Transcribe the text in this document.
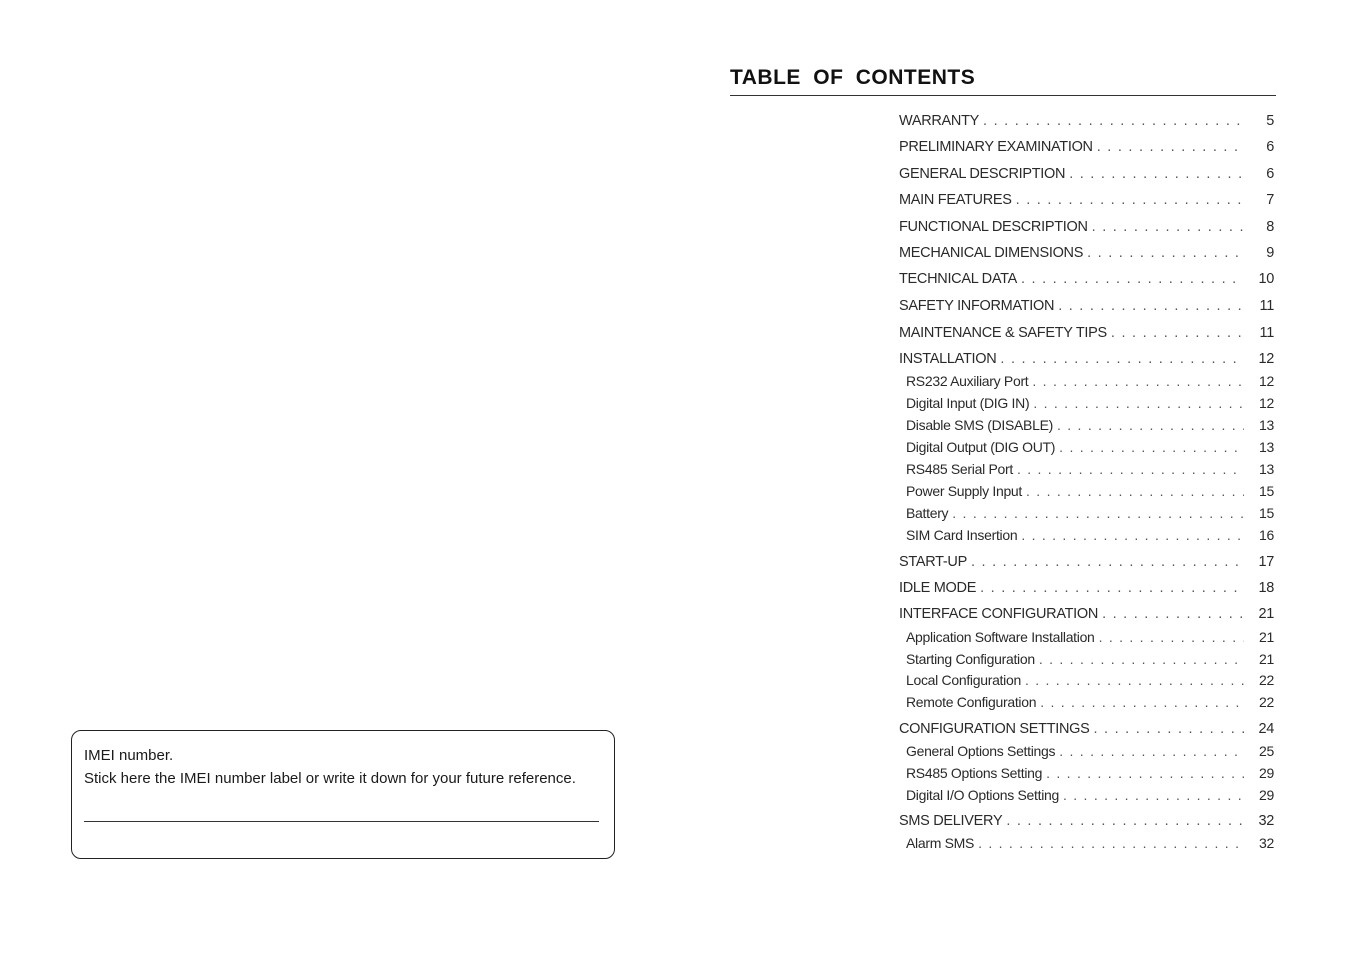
IMEI number.
Stick here the IMEI number label or write it down for your future reference.
TABLE OF CONTENTS
WARRANTY . . .	5
PRELIMINARY EXAMINATION . . .	6
GENERAL DESCRIPTION . . .	6
MAIN FEATURES . . .	7
FUNCTIONAL DESCRIPTION . . .	8
MECHANICAL DIMENSIONS . . .	9
TECHNICAL DATA . . .	10
SAFETY INFORMATION . . .	11
MAINTENANCE & SAFETY TIPS . . .	11
INSTALLATION . . .	12
RS232 Auxiliary Port . . .	12
Digital Input (DIG IN) . . .	12
Disable SMS (DISABLE) . . .	13
Digital Output (DIG OUT) . . .	13
RS485 Serial Port . . .	13
Power Supply Input . . .	15
Battery . . .	15
SIM Card Insertion . . .	16
START-UP . . .	17
IDLE MODE . . .	18
INTERFACE CONFIGURATION . . .	21
Application Software Installation . . .	21
Starting Configuration . . .	21
Local Configuration . . .	22
Remote Configuration . . .	22
CONFIGURATION SETTINGS . . .	24
General Options Settings . . .	25
RS485 Options Setting . . .	29
Digital I/O Options Setting . . .	29
SMS DELIVERY . . .	32
Alarm SMS . . .	32
